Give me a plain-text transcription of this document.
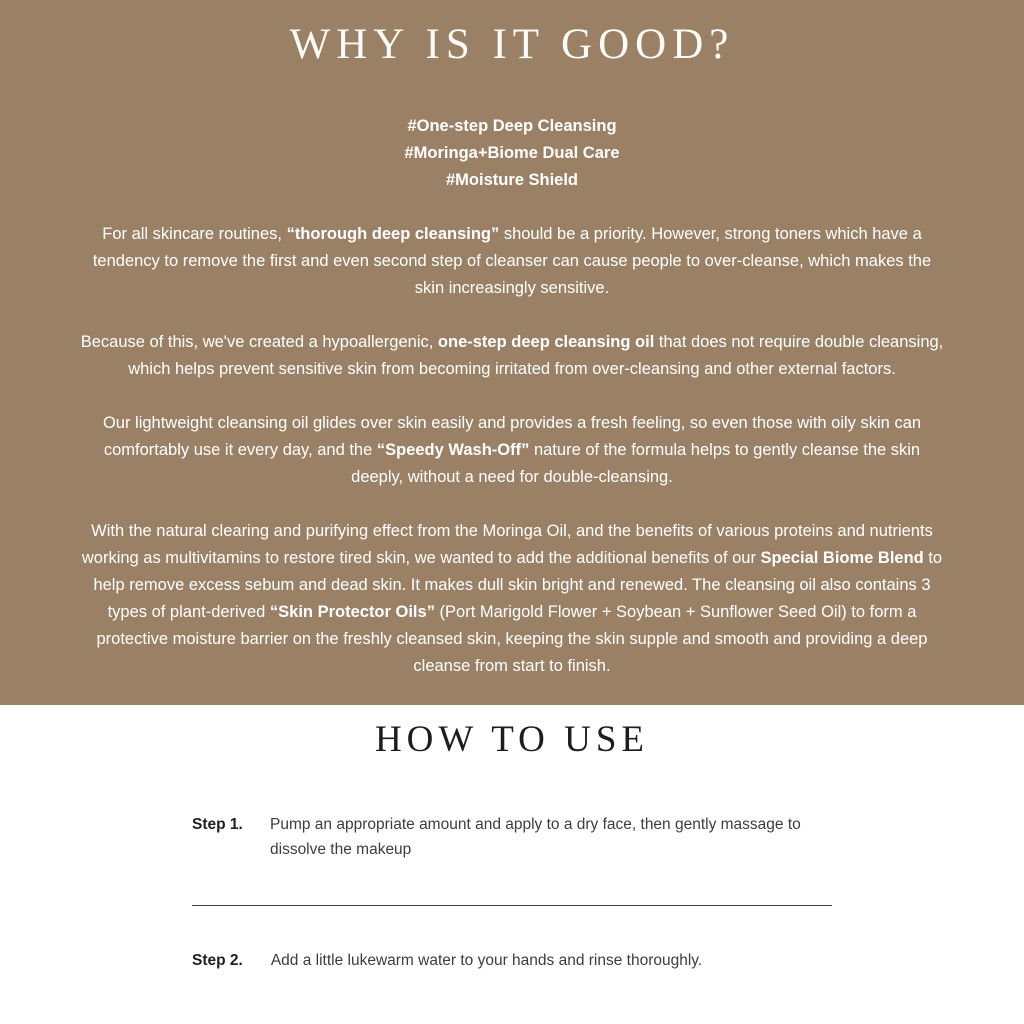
WHY IS IT GOOD?
#One-step Deep Cleansing
#Moringa+Biome Dual Care
#Moisture Shield

For all skincare routines, “thorough deep cleansing” should be a priority. However, strong toners which have a tendency to remove the first and even second step of cleanser can cause people to over-cleanse, which makes the skin increasingly sensitive.

Because of this, we've created a hypoallergenic, one-step deep cleansing oil that does not require double cleansing, which helps prevent sensitive skin from becoming irritated from over-cleansing and other external factors.

Our lightweight cleansing oil glides over skin easily and provides a fresh feeling, so even those with oily skin can comfortably use it every day, and the “Speedy Wash-Off” nature of the formula helps to gently cleanse the skin deeply, without a need for double-cleansing.

With the natural clearing and purifying effect from the Moringa Oil, and the benefits of various proteins and nutrients working as multivitamins to restore tired skin, we wanted to add the additional benefits of our Special Biome Blend to help remove excess sebum and dead skin. It makes dull skin bright and renewed. The cleansing oil also contains 3 types of plant-derived “Skin Protector Oils” (Port Marigold Flower + Soybean + Sunflower Seed Oil) to form a protective moisture barrier on the freshly cleansed skin, keeping the skin supple and smooth and providing a deep cleanse from start to finish.

HOW TO USE
Step 1. Pump an appropriate amount and apply to a dry face, then gently massage to dissolve the makeup
Step 2. Add a little lukewarm water to your hands and rinse thoroughly.
